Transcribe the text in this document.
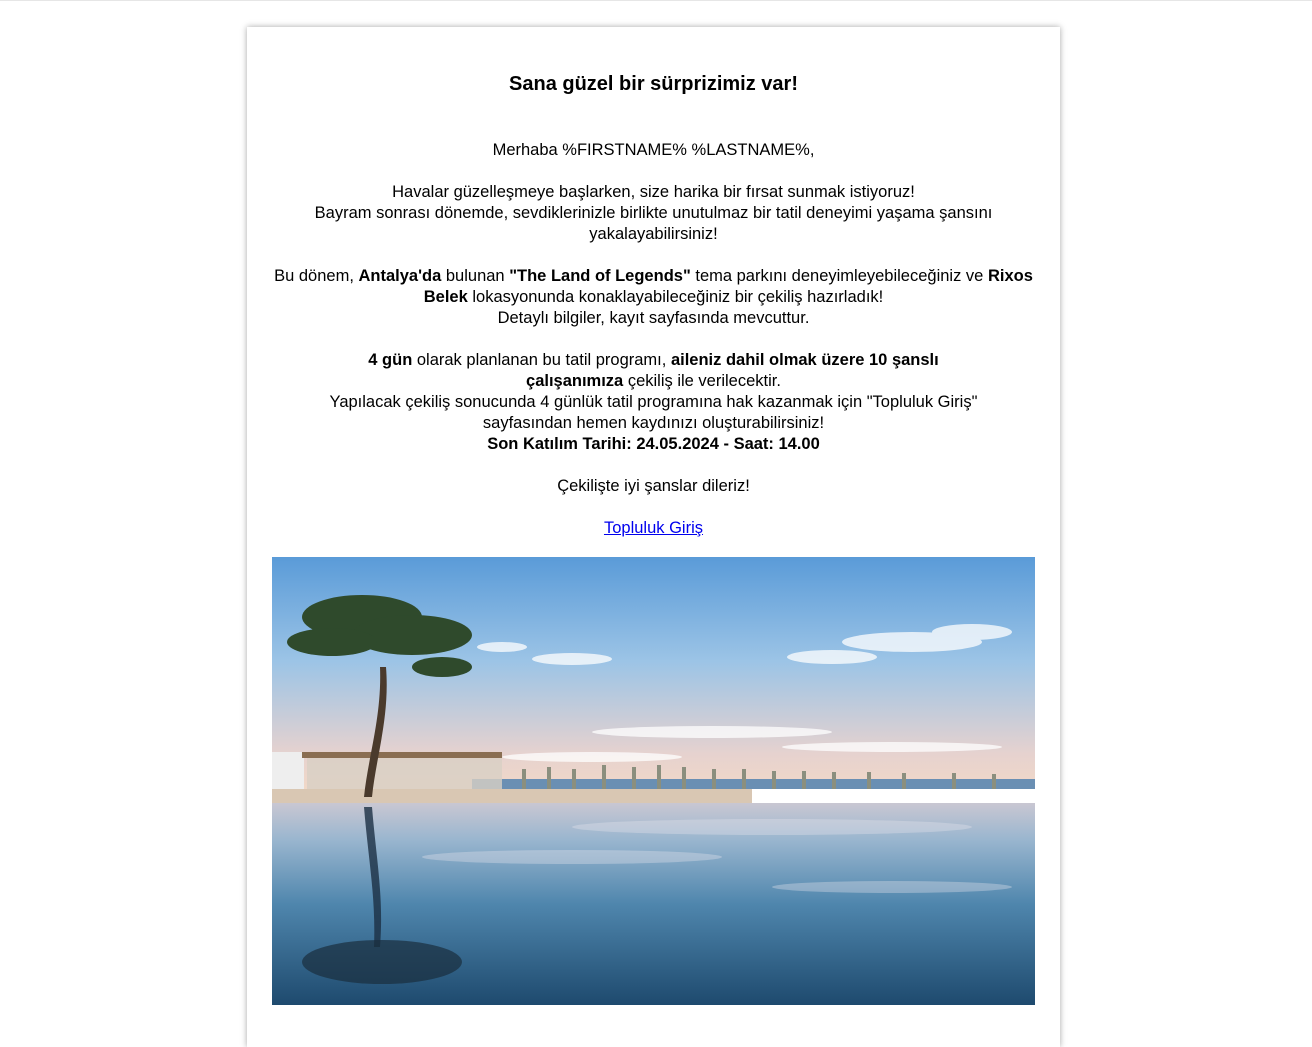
Sana güzel bir sürprizimiz var!

Merhaba %FIRSTNAME% %LASTNAME%,

Havalar güzelleşmeye başlarken, size harika bir fırsat sunmak istiyoruz!

Bayram sonrası dönemde, sevdiklerinizle birlikte unutulmaz bir tatil deneyimi yaşama şansını yakalayabilirsiniz!

Bu dönem, Antalya'da bulunan "The Land of Legends" tema parkını deneyimleyebileceğiniz ve Rixos Belek lokasyonunda konaklayabileceğiniz bir çekiliş hazırladık!

Detaylı bilgiler, kayıt sayfasında mevcuttur.

4 gün olarak planlanan bu tatil programı, aileniz dahil olmak üzere 10 şanslı çalışanımıza çekiliş ile verilecektir.

Yapılacak çekiliş sonucunda 4 günlük tatil programına hak kazanmak için "Topluluk Giriş" sayfasından hemen kaydınızı oluşturabilirsiniz!

Son Katılım Tarihi: 24.05.2024 - Saat: 14.00

Çekilişte iyi şanslar dileriz!

Topluluk Giriş
